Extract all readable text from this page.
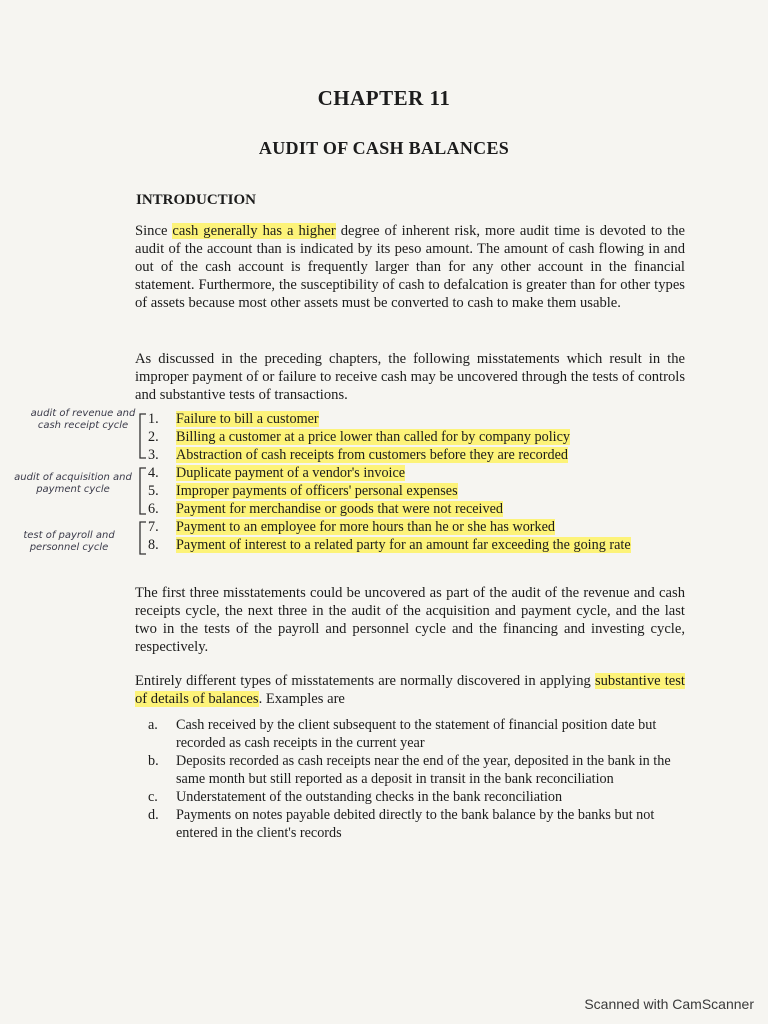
CHAPTER 11
AUDIT OF CASH BALANCES
INTRODUCTION

Since cash generally has a higher degree of inherent risk, more audit time is devoted to the audit of the account than is indicated by its peso amount. The amount of cash flowing in and out of the cash account is frequently larger than for any other account in the financial statement. Furthermore, the susceptibility of cash to defalcation is greater than for other types of assets because most other assets must be converted to cash to make them usable.

As discussed in the preceding chapters, the following misstatements which result in the improper payment of or failure to receive cash may be uncovered through the tests of controls and substantive tests of transactions.

1.	Failure to bill a customer
2.	Billing a customer at a price lower than called for by company policy
3.	Abstraction of cash receipts from customers before they are recorded
4.	Duplicate payment of a vendor's invoice
5.	Improper payments of officers' personal expenses
6.	Payment for merchandise or goods that were not received
7.	Payment to an employee for more hours than he or she has worked
8.	Payment of interest to a related party for an amount far exceeding the going rate
audit of revenue and cash receipt cycle
audit of acquisition and payment cycle
test of payroll and personnel cycle

The first three misstatements could be uncovered as part of the audit of the revenue and cash receipts cycle, the next three in the audit of the acquisition and payment cycle, and the last two in the tests of the payroll and personnel cycle and the financing and investing cycle, respectively.

Entirely different types of misstatements are normally discovered in applying substantive test of details of balances. Examples are

a.	Cash received by the client subsequent to the statement of financial position date but recorded as cash receipts in the current year
b.	Deposits recorded as cash receipts near the end of the year, deposited in the bank in the same month but still reported as a deposit in transit in the bank reconciliation
c.	Understatement of the outstanding checks in the bank reconciliation
d.	Payments on notes payable debited directly to the bank balance by the banks but not entered in the client's records
Scanned with CamScanner
